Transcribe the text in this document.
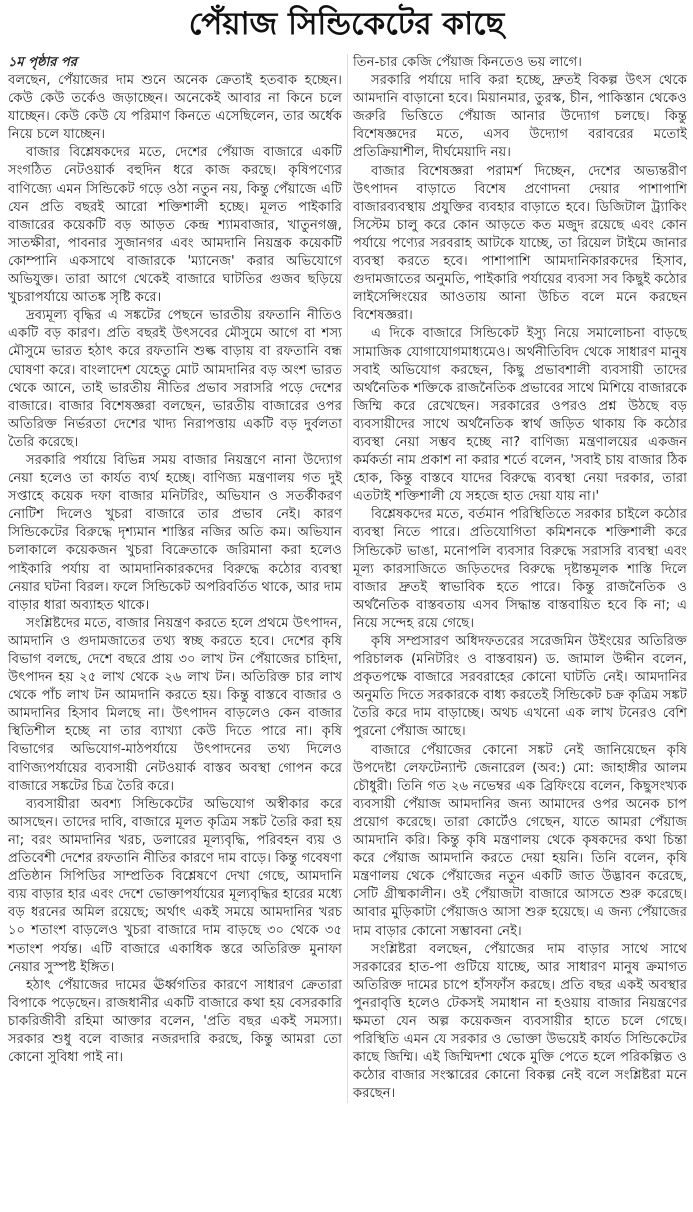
পেঁয়াজ সিন্ডিকেটের কাছে
১ম পৃষ্ঠার পর

বলছেন, পেঁয়াজের দাম শুনে অনেক ক্রেতাই হতবাক হচ্ছেন। কেউ কেউ তর্কেও জড়াচ্ছেন। অনেকেই আবার না কিনে চলে যাচ্ছেন। কেউ কেউ যে পরিমাণ কিনতে এসেছিলেন, তার অর্ধেক নিয়ে চলে যাচ্ছেন।

বাজার বিশ্লেষকদের মতে, দেশের পেঁয়াজ বাজারে একটি সংগঠিত নেটওয়ার্ক বহুদিন ধরে কাজ করছে। কৃষিপণ্যের বাণিজ্যে এমন সিন্ডিকেট গড়ে ওঠা নতুন নয়, কিন্তু পেঁয়াজে এটি যেন প্রতি বছরই আরো শক্তিশালী হচ্ছে। মূলত পাইকারি বাজারের কয়েকটি বড় আড়ত কেন্দ্র শ্যামবাজার, খাতুনগঞ্জ, সাতক্ষীরা, পাবনার সুজানগর এবং আমদানি নিয়ন্ত্রক কয়েকটি কোম্পানি একসাথে বাজারকে 'ম্যানেজ' করার অভিযোগে অভিযুক্ত। তারা আগে থেকেই বাজারে ঘাটতির গুজব ছড়িয়ে খুচরাপর্যায়ে আতঙ্ক সৃষ্টি করে।

দ্রব্যমূল্য বৃদ্ধির এ সঙ্কটের পেছনে ভারতীয় রফতানি নীতিও একটি বড় কারণ। প্রতি বছরই উৎসবের মৌসুমে আগে বা শস্য মৌসুমে ভারত হঠাৎ করে রফতানি শুল্ক বাড়ায় বা রফতানি বন্ধ ঘোষণা করে। বাংলাদেশ যেহেতু মোট আমদানির বড় অংশ ভারত থেকে আনে, তাই ভারতীয় নীতির প্রভাব সরাসরি পড়ে দেশের বাজারে। বাজার বিশেষজ্ঞরা বলছেন, ভারতীয় বাজারের ওপর অতিরিক্ত নির্ভরতা দেশের খাদ্য নিরাপত্তায় একটি বড় দুর্বলতা তৈরি করেছে।

সরকারি পর্যায়ে বিভিন্ন সময় বাজার নিয়ন্ত্রণে নানা উদ্যোগ নেয়া হলেও তা কার্যত ব্যর্থ হচ্ছে। বাণিজ্য মন্ত্রণালয় গত দুই সপ্তাহে কয়েক দফা বাজার মনিটরিং, অভিযান ও সতর্কীকরণ নোটিশ দিলেও খুচরা বাজারে তার প্রভাব নেই। কারণ সিন্ডিকেটের বিরুদ্ধে দৃশ্যমান শাস্তির নজির অতি কম। অভিযান চলাকালে কয়েকজন খুচরা বিক্রেতাকে জরিমানা করা হলেও পাইকারি পর্যায় বা আমদানিকারকদের বিরুদ্ধে কঠোর ব্যবস্থা নেয়ার ঘটনা বিরল। ফলে সিন্ডিকেট অপরিবর্তিত থাকে, আর দাম বাড়ার ধারা অব্যাহত থাকে।

সংশ্লিষ্টদের মতে, বাজার নিয়ন্ত্রণ করতে হলে প্রথমে উৎপাদন, আমদানি ও গুদামজাতের তথ্য স্বচ্ছ করতে হবে। দেশের কৃষি বিভাগ বলছে, দেশে বছরে প্রায় ৩০ লাখ টন পেঁয়াজের চাহিদা, উৎপাদন হয় ২৫ লাখ থেকে ২৬ লাখ টন। অতিরিক্ত চার লাখ থেকে পাঁচ লাখ টন আমদানি করতে হয়। কিন্তু বাস্তবে বাজার ও আমদানির হিসাব মিলছে না। উৎপাদন বাড়লেও কেন বাজার স্থিতিশীল হচ্ছে না তার ব্যাখ্যা কেউ দিতে পারে না। কৃষি বিভাগের অভিযোগ-মাঠপর্যায়ে উৎপাদনের তথ্য দিলেও বাণিজ্যপর্যায়ের ব্যবসায়ী নেটওয়ার্ক বাস্তব অবস্থা গোপন করে বাজারে সঙ্কটের চিত্র তৈরি করে।

ব্যবসায়ীরা অবশ্য সিন্ডিকেটের অভিযোগ অস্বীকার করে আসছেন। তাদের দাবি, বাজারে মূলত কৃত্রিম সঙ্কট তৈরি করা হয় না; বরং আমদানির খরচ, ডলারের মূল্যবৃদ্ধি, পরিবহন ব্যয় ও প্রতিবেশী দেশের রফতানি নীতির কারণে দাম বাড়ে। কিন্তু গবেষণা প্রতিষ্ঠান সিপিডির সাম্প্রতিক বিশ্লেষণে দেখা গেছে, আমদানি ব্যয় বাড়ার হার এবং দেশে ভোক্তাপর্যায়ের মূল্যবৃদ্ধির হারের মধ্যে বড় ধরনের অমিল রয়েছে; অর্থাৎ একই সময়ে আমদানির খরচ ১০ শতাংশ বাড়লেও খুচরা বাজারে দাম বাড়ছে ৩০ থেকে ৩৫ শতাংশ পর্যন্ত। এটি বাজারে একাধিক স্তরে অতিরিক্ত মুনাফা নেয়ার সুস্পষ্ট ইঙ্গিত।

হঠাৎ পেঁয়াজের দামের ঊর্ধ্বগতির কারণে সাধারণ ক্রেতারা বিপাকে পড়েছেন। রাজধানীর একটি বাজারে কথা হয় বেসরকারি চাকরিজীবী রহিমা আক্তার বলেন, 'প্রতি বছর একই সমস্যা। সরকার শুধু বলে বাজার নজরদারি করছে, কিন্তু আমরা তো কোনো সুবিধা পাই না।

তিন-চার কেজি পেঁয়াজ কিনতেও ভয় লাগে।

সরকারি পর্যায়ে দাবি করা হচ্ছে, দ্রুতই বিকল্প উৎস থেকে আমদানি বাড়ানো হবে। মিয়ানমার, তুরস্ক, চীন, পাকিস্তান থেকেও জরুরি ভিত্তিতে পেঁয়াজ আনার উদ্যোগ চলছে। কিন্তু বিশেষজ্ঞদের মতে, এসব উদ্যোগ বরাবরের মতোই প্রতিক্রিয়াশীল, দীর্ঘমেয়াদি নয়।

বাজার বিশেষজ্ঞরা পরামর্শ দিচ্ছেন, দেশের অভ্যন্তরীণ উৎপাদন বাড়াতে বিশেষ প্রণোদনা দেয়ার পাশাপাশি বাজারব্যবস্থায় প্রযুক্তির ব্যবহার বাড়াতে হবে। ডিজিটাল ট্র্যাকিং সিস্টেম চালু করে কোন আড়তে কত মজুদ রয়েছে এবং কোন পর্যায়ে পণ্যের সরবরাহ আটকে যাচ্ছে, তা রিয়েল টাইমে জানার ব্যবস্থা করতে হবে। পাশাপাশি আমদানিকারকদের হিসাব, গুদামজাতের অনুমতি, পাইকারি পর্যায়ের ব্যবসা সব কিছুই কঠোর লাইসেন্সিংয়ের আওতায় আনা উচিত বলে মনে করছেন বিশেষজ্ঞরা।

এ দিকে বাজারে সিন্ডিকেট ইস্যু নিয়ে সমালোচনা বাড়ছে সামাজিক যোগাযোগমাধ্যমেও। অর্থনীতিবিদ থেকে সাধারণ মানুষ সবাই অভিযোগ করছেন, কিছু প্রভাবশালী ব্যবসায়ী তাদের অর্থনৈতিক শক্তিকে রাজনৈতিক প্রভাবের সাথে মিশিয়ে বাজারকে জিম্মি করে রেখেছেন। সরকারের ওপরও প্রশ্ন উঠছে বড় ব্যবসায়ীদের সাথে অর্থনৈতিক স্বার্থ জড়িত থাকায় কি কঠোর ব্যবস্থা নেয়া সম্ভব হচ্ছে না? বাণিজ্য মন্ত্রণালয়ের একজন কর্মকর্তা নাম প্রকাশ না করার শর্তে বলেন, 'সবাই চায় বাজার ঠিক হোক, কিন্তু বাস্তবে যাদের বিরুদ্ধে ব্যবস্থা নেয়া দরকার, তারা এতটাই শক্তিশালী যে সহজে হাত দেয়া যায় না।'

বিশ্লেষকদের মতে, বর্তমান পরিস্থিতিতে সরকার চাইলে কঠোর ব্যবস্থা নিতে পারে। প্রতিযোগিতা কমিশনকে শক্তিশালী করে সিন্ডিকেট ভাঙা, মনোপলি ব্যবসার বিরুদ্ধে সরাসরি ব্যবস্থা এবং মূল্য কারসাজিতে জড়িতদের বিরুদ্ধে দৃষ্টান্তমূলক শাস্তি দিলে বাজার দ্রুতই স্বাভাবিক হতে পারে। কিন্তু রাজনৈতিক ও অর্থনৈতিক বাস্তবতায় এসব সিদ্ধান্ত বাস্তবায়িত হবে কি না; এ নিয়ে সন্দেহ রয়ে গেছে।

কৃষি সম্প্রসারণ অধিদফতরের সরেজমিন উইংয়ের অতিরিক্ত পরিচালক (মনিটরিং ও বাস্তবায়ন) ড. জামাল উদ্দীন বলেন, প্রকৃতপক্ষে বাজারে সরবরাহের কোনো ঘাটতি নেই। আমদানির অনুমতি দিতে সরকারকে বাধ্য করতেই সিন্ডিকেট চক্র কৃত্রিম সঙ্কট তৈরি করে দাম বাড়াচ্ছে। অথচ এখনো এক লাখ টনেরও বেশি পুরনো পেঁয়াজ আছে।

বাজারে পেঁয়াজের কোনো সঙ্কট নেই জানিয়েছেন কৃষি উপদেষ্টা লেফটেন্যান্ট জেনারেল (অব:) মো: জাহাঙ্গীর আলম চৌধুরী। তিনি গত ২৬ নভেম্বর এক ব্রিফিংয়ে বলেন, কিছুসংখ্যক ব্যবসায়ী পেঁয়াজ আমদানির জন্য আমাদের ওপর অনেক চাপ প্রয়োগ করেছে। তারা কোর্টেও গেছেন, যাতে আমরা পেঁয়াজ আমদানি করি। কিন্তু কৃষি মন্ত্রণালয় থেকে কৃষকদের কথা চিন্তা করে পেঁয়াজ আমদানি করতে দেয়া হয়নি। তিনি বলেন, কৃষি মন্ত্রণালয় থেকে পেঁয়াজের নতুন একটি জাত উদ্ভাবন করেছে, সেটি গ্রীষ্মকালীন। ওই পেঁয়াজটা বাজারে আসতে শুরু করেছে। আবার মুড়িকাটা পেঁয়াজও আসা শুরু হয়েছে। এ জন্য পেঁয়াজের দাম বাড়ার কোনো সম্ভাবনা নেই।

সংশ্লিষ্টরা বলছেন, পেঁয়াজের দাম বাড়ার সাথে সাথে সরকারের হাত-পা গুটিয়ে যাচ্ছে, আর সাধারণ মানুষ ক্রমাগত অতিরিক্ত দামের চাপে হাঁসফাঁস করছে। প্রতি বছর একই অবস্থার পুনরাবৃত্তি হলেও টেকসই সমাধান না হওয়ায় বাজার নিয়ন্ত্রণের ক্ষমতা যেন অল্প কয়েকজন ব্যবসায়ীর হাতে চলে গেছে। পরিস্থিতি এমন যে সরকার ও ভোক্তা উভয়েই কার্যত সিন্ডিকেটের কাছে জিম্মি। এই জিম্মিদশা থেকে মুক্তি পেতে হলে পরিকল্পিত ও কঠোর বাজার সংস্কারের কোনো বিকল্প নেই বলে সংশ্লিষ্টরা মনে করছেন।
